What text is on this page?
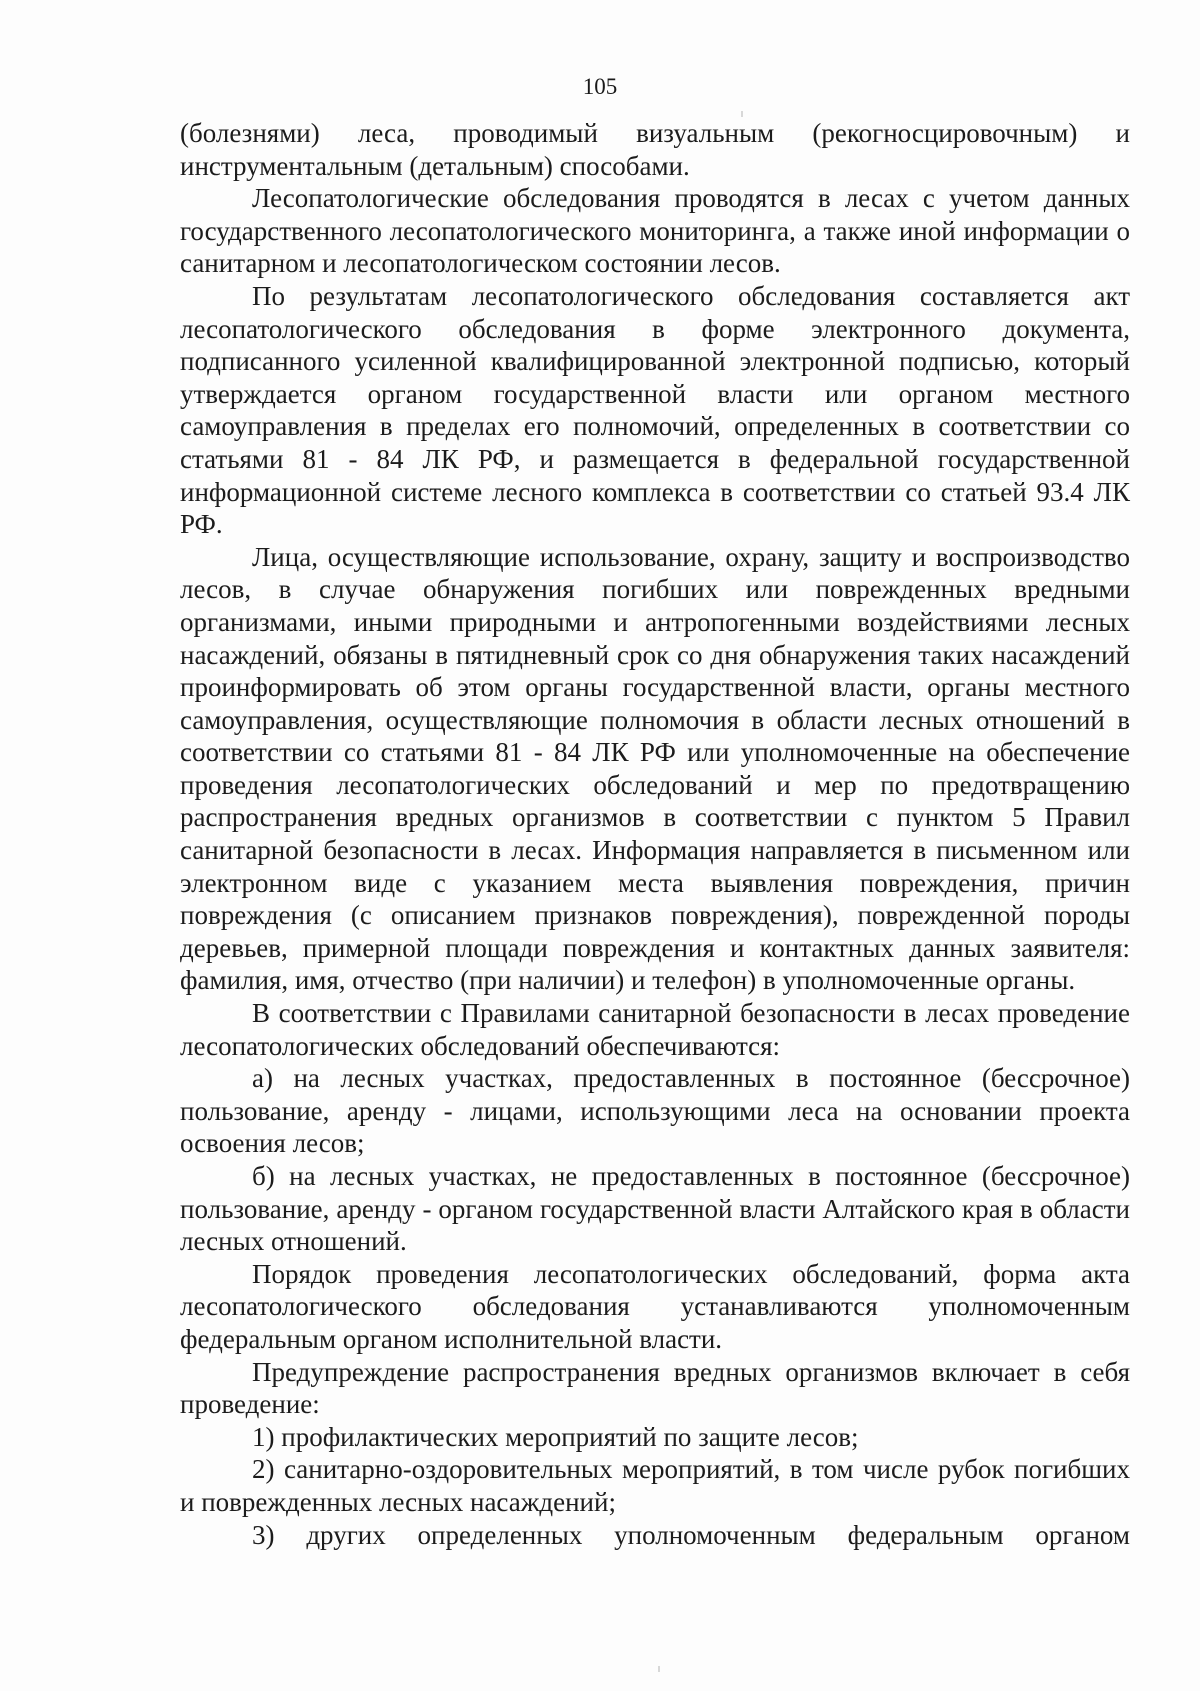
105

(болезнями) леса, проводимый визуальным (рекогносцировочным) и инструментальным (детальным) способами.

Лесопатологические обследования проводятся в лесах с учетом данных государственного лесопатологического мониторинга, а также иной информации о санитарном и лесопатологическом состоянии лесов.

По результатам лесопатологического обследования составляется акт лесопатологического обследования в форме электронного документа, подписанного усиленной квалифицированной электронной подписью, который утверждается органом государственной власти или органом местного самоуправления в пределах его полномочий, определенных в соответствии со статьями 81 - 84 ЛК РФ, и размещается в федеральной государственной информационной системе лесного комплекса в соответствии со статьей 93.4 ЛК РФ.

Лица, осуществляющие использование, охрану, защиту и воспроизводство лесов, в случае обнаружения погибших или поврежденных вредными организмами, иными природными и антропогенными воздействиями лесных насаждений, обязаны в пятидневный срок со дня обнаружения таких насаждений проинформировать об этом органы государственной власти, органы местного самоуправления, осуществляющие полномочия в области лесных отношений в соответствии со статьями 81 - 84 ЛК РФ или уполномоченные на обеспечение проведения лесопатологических обследований и мер по предотвращению распространения вредных организмов в соответствии с пунктом 5 Правил санитарной безопасности в лесах. Информация направляется в письменном или электронном виде с указанием места выявления повреждения, причин повреждения (с описанием признаков повреждения), поврежденной породы деревьев, примерной площади повреждения и контактных данных заявителя: фамилия, имя, отчество (при наличии) и телефон) в уполномоченные органы.

В соответствии с Правилами санитарной безопасности в лесах проведение лесопатологических обследований обеспечиваются:

а) на лесных участках, предоставленных в постоянное (бессрочное) пользование, аренду - лицами, использующими леса на основании проекта освоения лесов;

б) на лесных участках, не предоставленных в постоянное (бессрочное) пользование, аренду - органом государственной власти Алтайского края в области лесных отношений.

Порядок проведения лесопатологических обследований, форма акта лесопатологического обследования устанавливаются уполномоченным федеральным органом исполнительной власти.

Предупреждение распространения вредных организмов включает в себя проведение:

1) профилактических мероприятий по защите лесов;

2) санитарно-оздоровительных мероприятий, в том числе рубок погибших и поврежденных лесных насаждений;

3) других определенных уполномоченным федеральным органом
